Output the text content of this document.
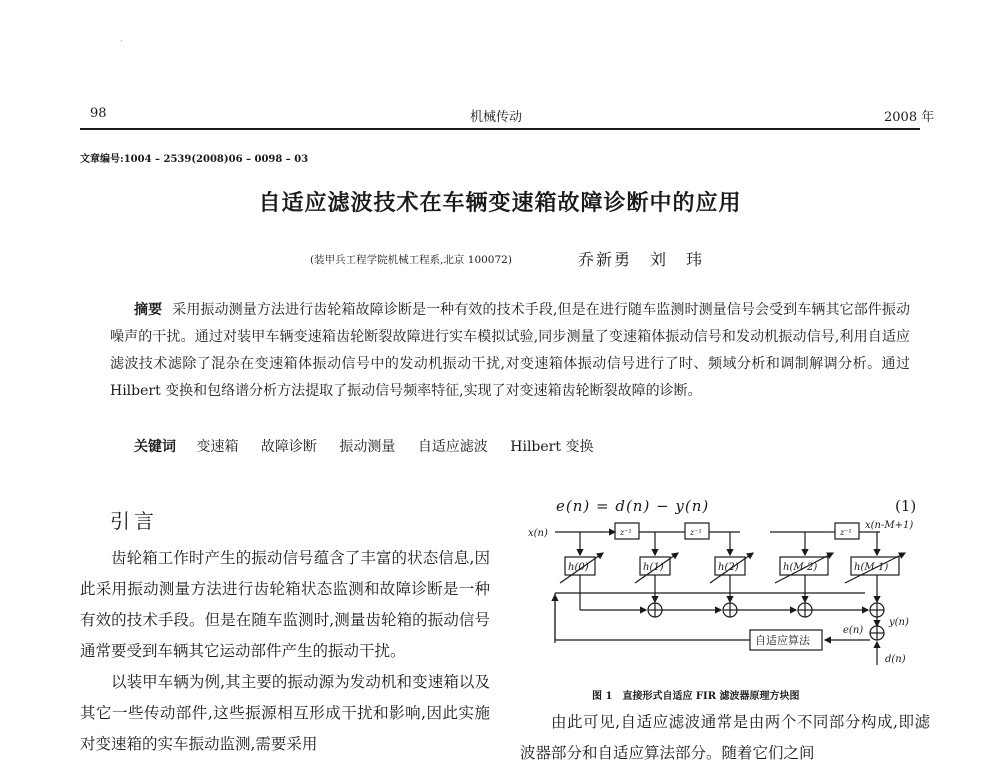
·
98	机械传动	2008 年
文章编号:1004 – 2539(2008)06 – 0098 – 03
自适应滤波技术在车辆变速箱故障诊断中的应用
(装甲兵工程学院机械工程系,北京 100072)	乔新勇　刘　玮
摘要 采用振动测量方法进行齿轮箱故障诊断是一种有效的技术手段,但是在进行随车监测时测量信号会受到车辆其它部件振动噪声的干扰。通过对装甲车辆变速箱齿轮断裂故障进行实车模拟试验,同步测量了变速箱体振动信号和发动机振动信号,利用自适应滤波技术滤除了混杂在变速箱体振动信号中的发动机振动干扰,对变速箱体振动信号进行了时、频域分析和调制解调分析。通过 Hilbert 变换和包络谱分析方法提取了振动信号频率特征,实现了对变速箱齿轮断裂故障的诊断。
关键词 变速箱 故障诊断 振动测量 自适应滤波 Hilbert 变换
引言

齿轮箱工作时产生的振动信号蕴含了丰富的状态信息,因此采用振动测量方法进行齿轮箱状态监测和故障诊断是一种有效的技术手段。但是在随车监测时,测量齿轮箱的振动信号通常要受到车辆其它运动部件产生的振动干扰。

以装甲车辆为例,其主要的振动源为发动机和变速箱以及其它一些传动部件,这些振源相互形成干扰和影响,因此实施对变速箱的实车振动监测,需要采用

e(n) = d(n) − y(n)	(1)
x(n)	z⁻¹	z⁻¹	z⁻¹
x(n-M+1)
h(0)	h(1)	h(2)	h(M-2)	h(M-1)
y(n)
e(n)
d(n)
自适应算法
图 1　直接形式自适应 FIR 滤波器原理方块图

由此可见,自适应滤波通常是由两个不同部分构成,即滤波器部分和自适应算法部分。随着它们之间
